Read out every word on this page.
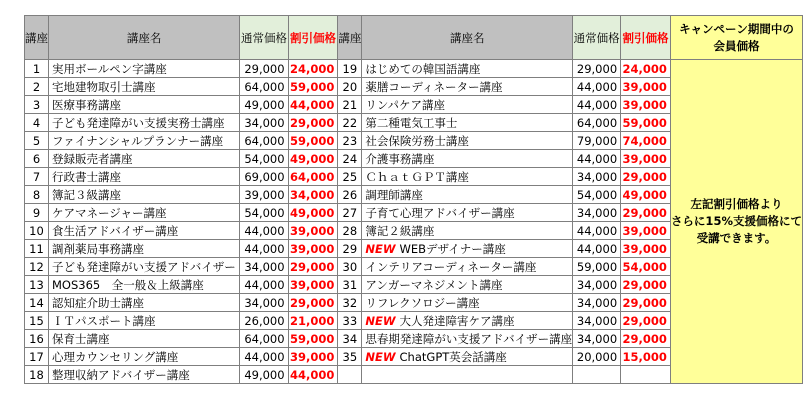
講座	講座名	通常価格	割引価格	講座	講座名	通常価格	割引価格	キャンペーン期間中の
会員価格
1	実用ボールペン字講座	29,000	24,000	19	はじめての韓国語講座	29,000	24,000	左記割引価格より
さらに15%支援価格にて
受講できます。
2	宅地建物取引士講座	64,000	59,000	20	薬膳コーディネーター講座	44,000	39,000	
3	医療事務講座	49,000	44,000	21	リンパケア講座	44,000	39,000	
4	子ども発達障がい支援実務士講座	34,000	29,000	22	第二種電気工事士	64,000	59,000	
5	ファイナンシャルプランナー講座	64,000	59,000	23	社会保険労務士講座	79,000	74,000	
6	登録販売者講座	54,000	49,000	24	介護事務講座	44,000	39,000	
7	行政書士講座	69,000	64,000	25	ＣｈａｔＧＰＴ講座	34,000	29,000	
8	簿記３級講座	39,000	34,000	26	調理師講座	54,000	49,000	
9	ケアマネージャー講座	54,000	49,000	27	子育て心理アドバイザー講座	34,000	29,000	
10	食生活アドバイザー講座	44,000	39,000	28	簿記２級講座	44,000	39,000	
11	調剤薬局事務講座	44,000	39,000	29	NEW WEBデザイナー講座	44,000	39,000	
12	子ども発達障がい支援アドバイザー	34,000	29,000	30	インテリアコーディネーター講座	59,000	54,000	
13	MOS365　全一般＆上級講座	44,000	39,000	31	アンガーマネジメント講座	34,000	29,000	
14	認知症介助士講座	34,000	29,000	32	リフレクソロジー講座	34,000	29,000	
15	ＩＴパスポート講座	26,000	21,000	33	NEW 大人発達障害ケア講座	34,000	29,000	
16	保育士講座	64,000	59,000	34	思春期発達障がい支援アドバイザー講座	34,000	29,000	
17	心理カウンセリング講座	44,000	39,000	35	NEW ChatGPT英会話講座	20,000	15,000	
18	整理収納アドバイザー講座	49,000	44,000					
